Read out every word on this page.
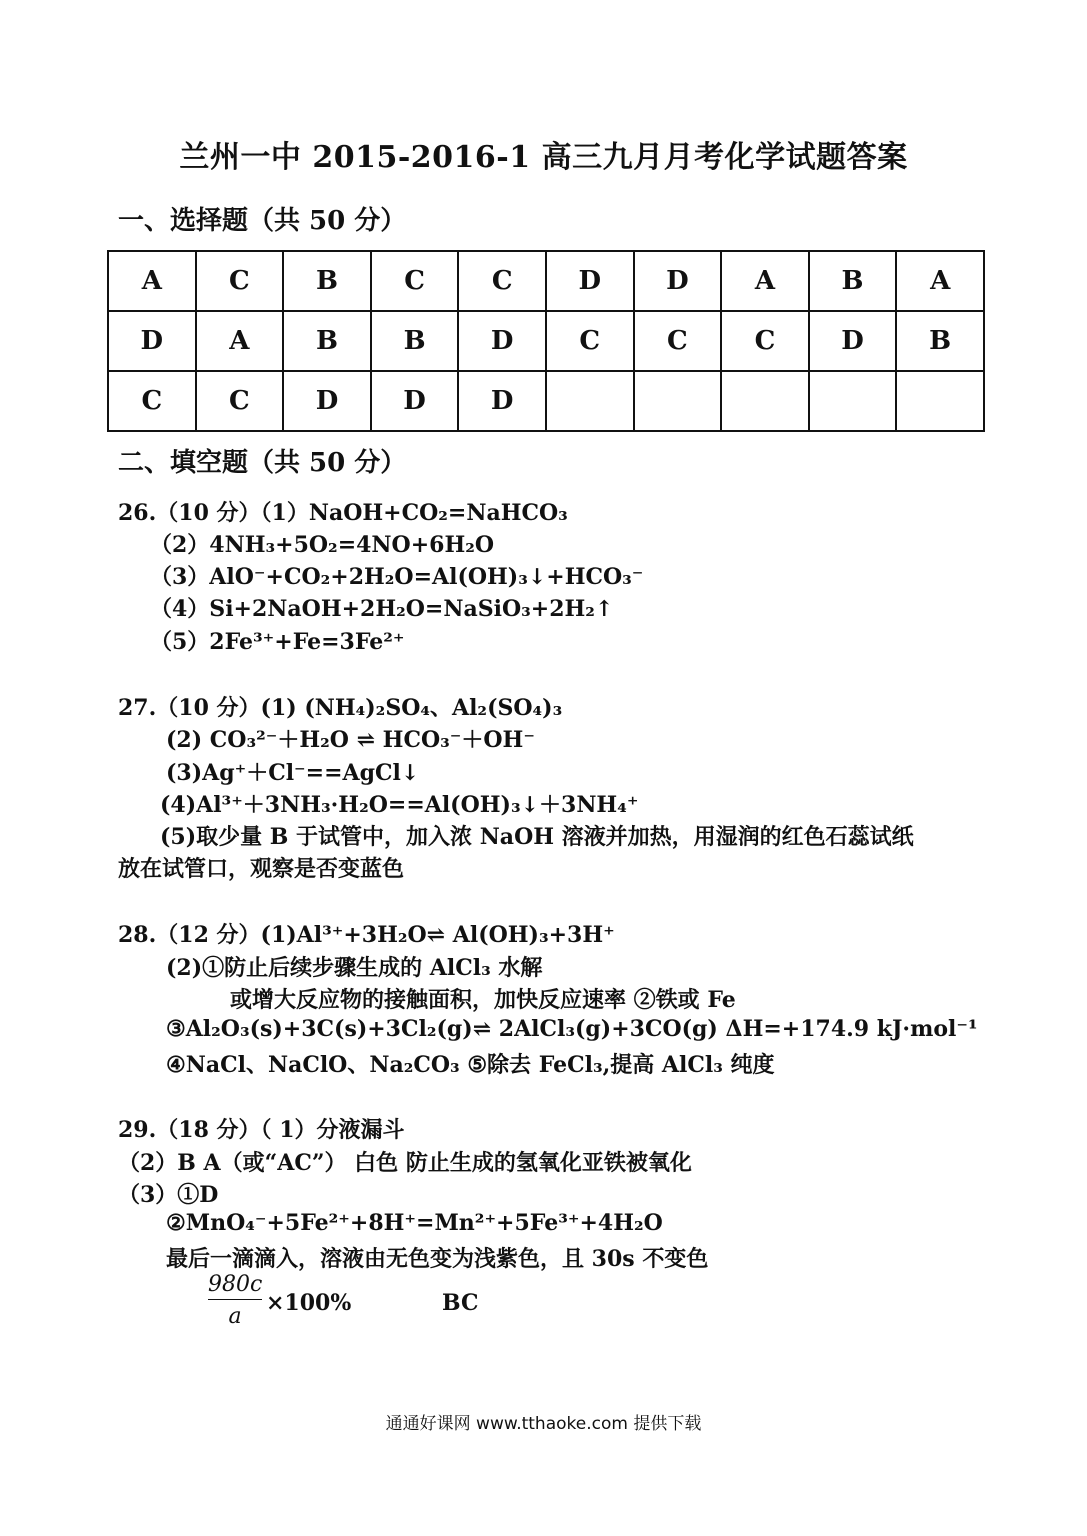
兰州一中 2015-2016-1 高三九月月考化学试题答案
一、选择题（共 50 分）
A	C	B	C	C	D	D	A	B	A
D	A	B	B	D	C	C	C	D	B
C	C	D	D	D					
二、填空题（共 50 分）
26.（10 分）（1）NaOH+CO₂=NaHCO₃
（2）4NH₃+5O₂=4NO+6H₂O
（3）AlO⁻+CO₂+2H₂O=Al(OH)₃↓+HCO₃⁻
（4）Si+2NaOH+2H₂O=NaSiO₃+2H₂↑
（5）2Fe³⁺+Fe=3Fe²⁺
27.（10 分）(1) (NH₄)₂SO₄、Al₂(SO₄)₃
(2) CO₃²⁻＋H₂O ⇌ HCO₃⁻＋OH⁻
(3)Ag⁺＋Cl⁻==AgCl↓
(4)Al³⁺＋3NH₃·H₂O==Al(OH)₃↓＋3NH₄⁺
(5)取少量 B 于试管中，加入浓 NaOH 溶液并加热，用湿润的红色石蕊试纸
放在试管口，观察是否变蓝色
28.（12 分）(1)Al³⁺+3H₂O⇌ Al(OH)₃+3H⁺
(2)①防止后续步骤生成的 AlCl₃ 水解
或增大反应物的接触面积，加快反应速率 ②铁或 Fe
③Al₂O₃(s)+3C(s)+3Cl₂(g)⇌ 2AlCl₃(g)+3CO(g) ΔH=+174.9 kJ·mol⁻¹
④NaCl、NaClO、Na₂CO₃ ⑤除去 FeCl₃,提高 AlCl₃ 纯度
29.（18 分）（ 1）分液漏斗
（2）B A（或“AC”） 白色 防止生成的氢氧化亚铁被氧化
（3）①D
②MnO₄⁻+5Fe²⁺+8H⁺=Mn²⁺+5Fe³⁺+4H₂O
最后一滴滴入，溶液由无色变为浅紫色，且 30s 不变色
$\frac{980c}{a} \times 100\%$	BC
通通好课网 www.tthaoke.com 提供下载
